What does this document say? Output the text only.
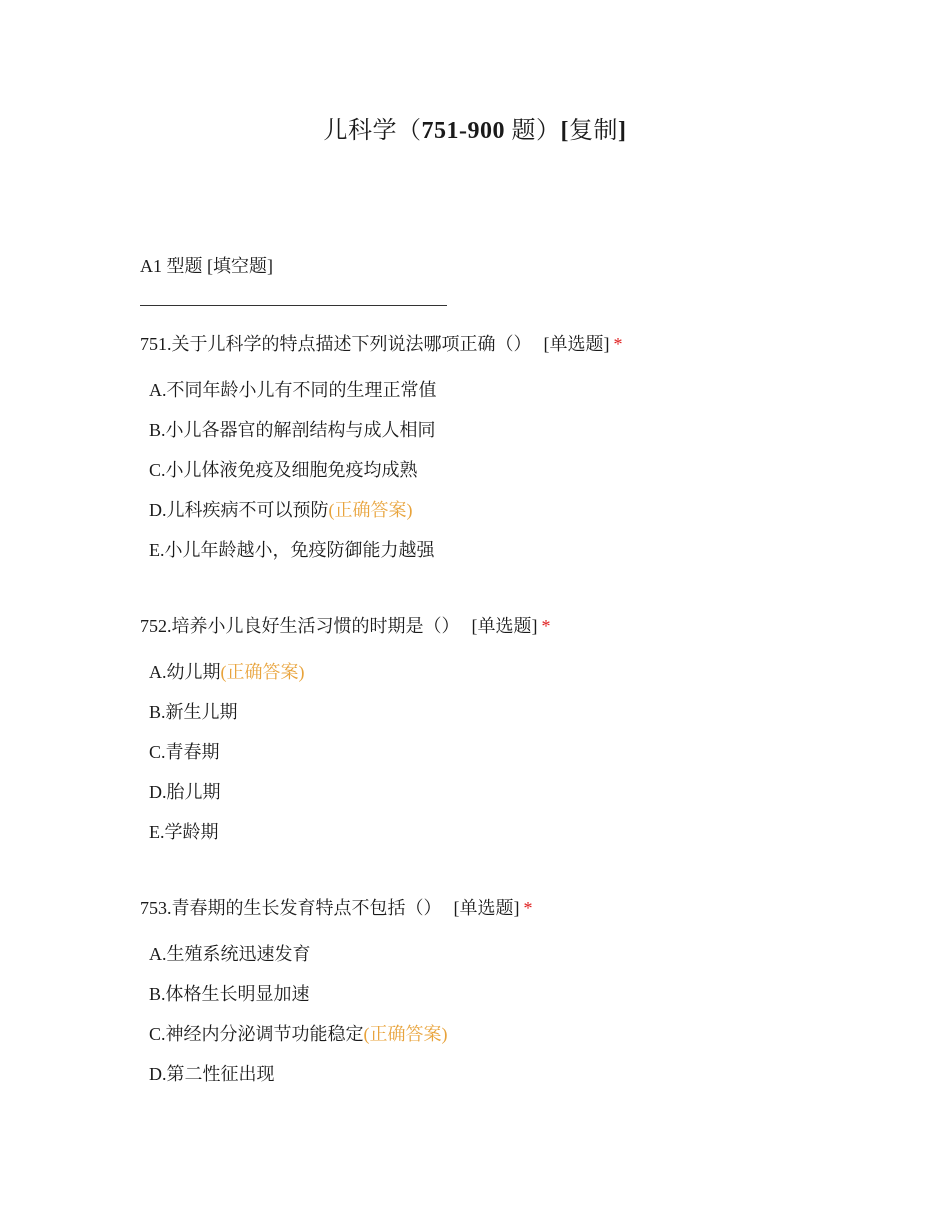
儿科学（751-900 题）[复制]
A1 型题 [填空题]
751.关于儿科学的特点描述下列说法哪项正确（） [单选题] *
A.不同年龄小儿有不同的生理正常值
B.小儿各器官的解剖结构与成人相同
C.小儿体液免疫及细胞免疫均成熟
D.儿科疾病不可以预防(正确答案)
E.小儿年龄越小，免疫防御能力越强
752.培养小儿良好生活习惯的时期是（） [单选题] *
A.幼儿期(正确答案)
B.新生儿期
C.青春期
D.胎儿期
E.学龄期
753.青春期的生长发育特点不包括（） [单选题] *
A.生殖系统迅速发育
B.体格生长明显加速
C.神经内分泌调节功能稳定(正确答案)
D.第二性征出现
